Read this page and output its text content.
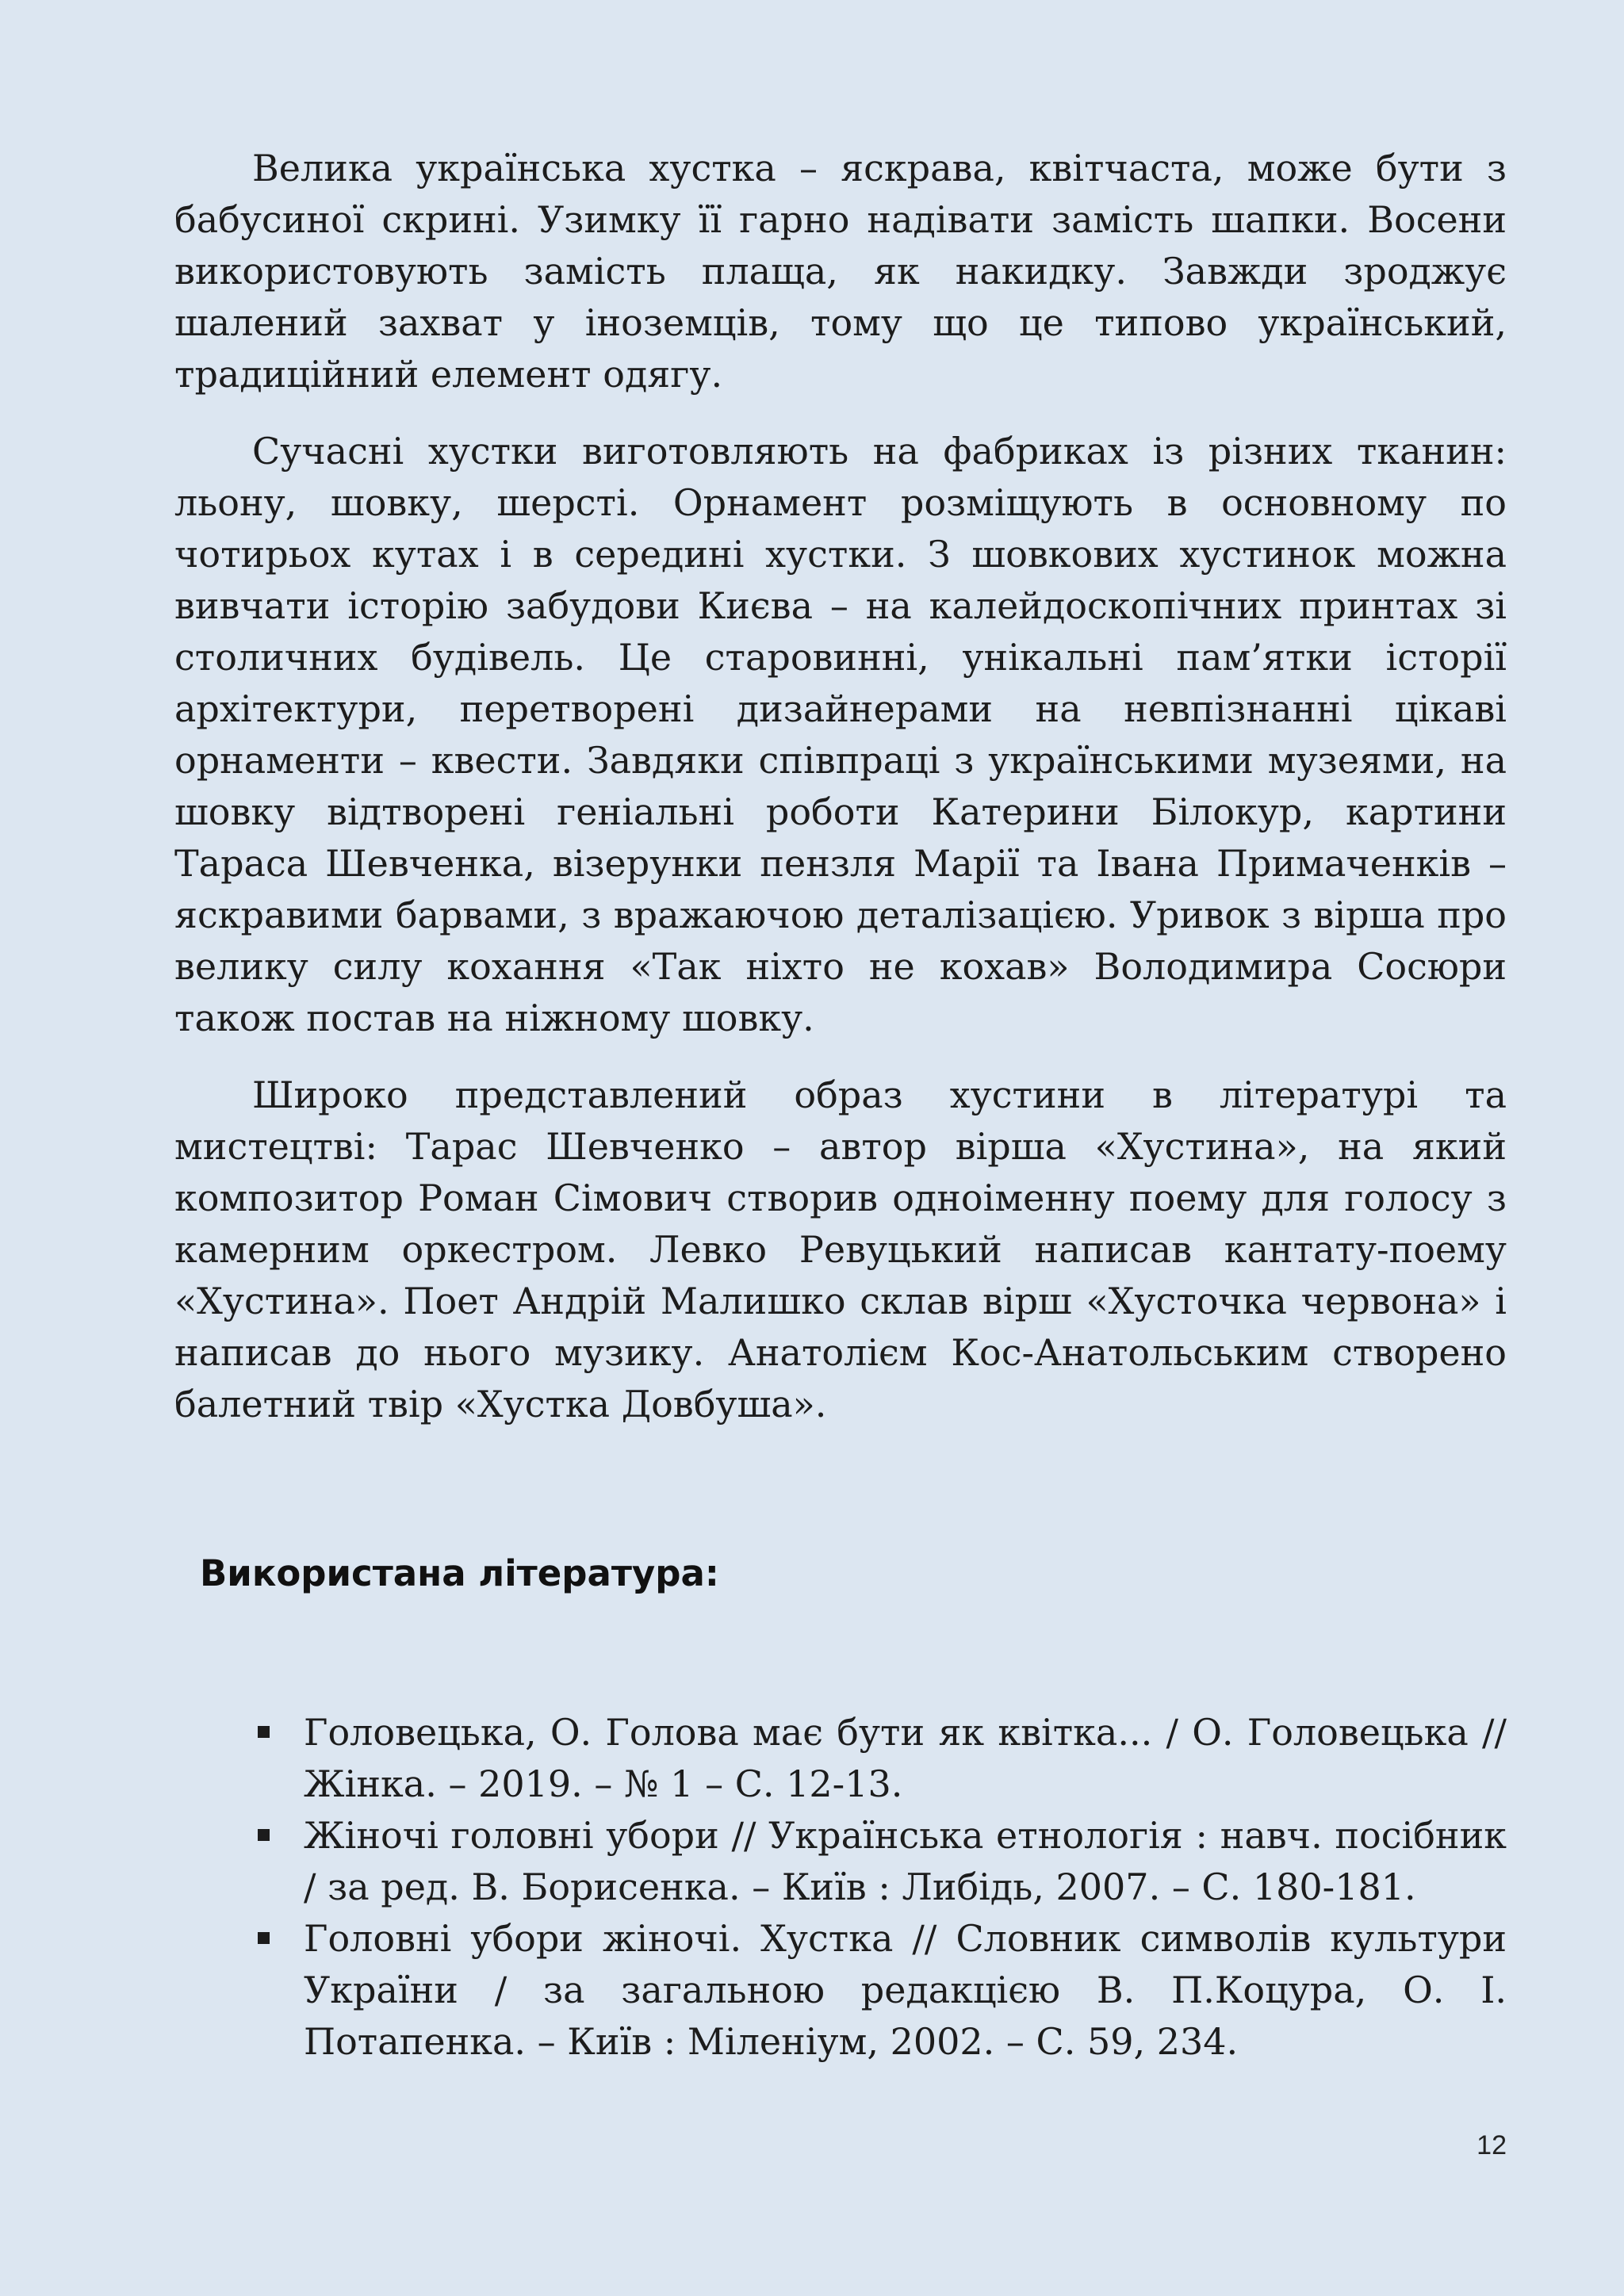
Велика українська хустка – яскрава, квітчаста, може бути з бабусиної скрині. Узимку її гарно надівати замість шапки. Восени використовують замість плаща, як накидку. Завжди зроджує шалений захват у іноземців, тому що це типово український, традиційний елемент одягу.

Сучасні хустки виготовляють на фабриках із різних тканин: льону, шовку, шерсті. Орнамент розміщують в основному по чотирьох кутах і в середині хустки. З шовкових хустинок можна вивчати історію забудови Києва – на калейдоскопічних принтах зі столичних будівель. Це старовинні, унікальні пам’ятки історії архітектури, перетворені дизайнерами на невпізнанні цікаві орнаменти – квести. Завдяки співпраці з українськими музеями, на шовку відтворені геніальні роботи Катерини Білокур, картини Тараса Шевченка, візерунки пензля Марії та Івана Примаченків – яскравими барвами, з вражаючою деталізацією. Уривок з вірша про велику силу кохання «Так ніхто не кохав» Володимира Сосюри також постав на ніжному шовку.

Широко представлений образ хустини в літературі та мистецтві: Тарас Шевченко – автор вірша «Хустина», на який композитор Роман Сімович створив одноіменну поему для голосу з камерним оркестром. Левко Ревуцький написав кантату-поему «Хустина». Поет Андрій Малишко склав вірш «Хусточка червона» і написав до нього музику. Анатолієм Кос-Анатольським створено балетний твір «Хустка Довбуша».

Використана література:
Головецька, О. Голова має бути як квітка... / О. Головецька // Жінка. – 2019. – № 1 – С. 12-13.
Жіночі головні убори // Українська етнологія : навч. посібник / за ред. В. Борисенка. – Київ : Либідь, 2007. – С. 180-181.
Головні убори жіночі. Хустка // Словник символів культури України / за загальною редакцією В. П.Коцура, О. І. Потапенка. – Київ : Міленіум, 2002. – С. 59, 234.
12
